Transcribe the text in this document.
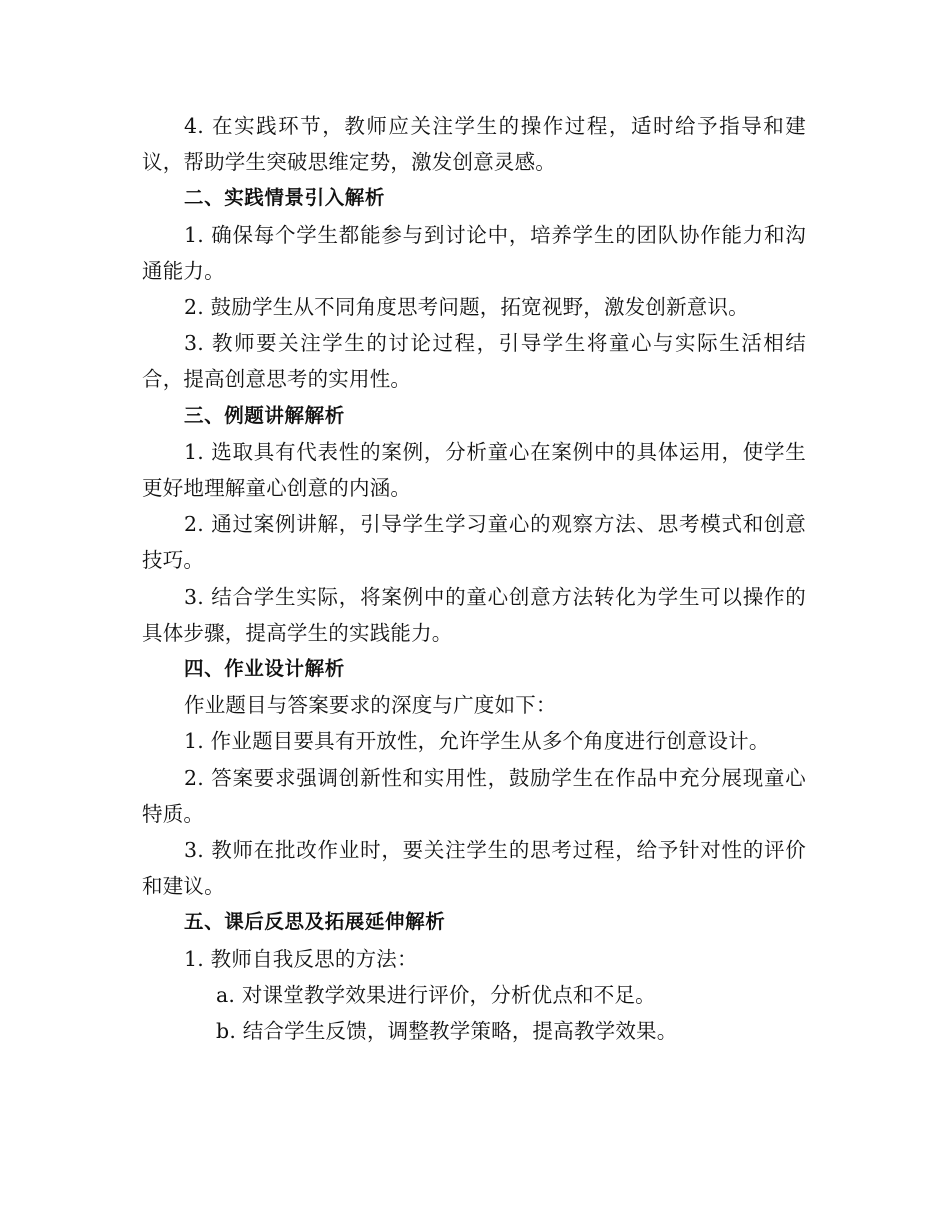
4. 在实践环节，教师应关注学生的操作过程，适时给予指导和建议，帮助学生突破思维定势，激发创意灵感。

二、实践情景引入解析

1. 确保每个学生都能参与到讨论中，培养学生的团队协作能力和沟通能力。

2. 鼓励学生从不同角度思考问题，拓宽视野，激发创新意识。

3. 教师要关注学生的讨论过程，引导学生将童心与实际生活相结合，提高创意思考的实用性。

三、例题讲解解析

1. 选取具有代表性的案例，分析童心在案例中的具体运用，使学生更好地理解童心创意的内涵。

2. 通过案例讲解，引导学生学习童心的观察方法、思考模式和创意技巧。

3. 结合学生实际，将案例中的童心创意方法转化为学生可以操作的具体步骤，提高学生的实践能力。

四、作业设计解析

作业题目与答案要求的深度与广度如下：

1. 作业题目要具有开放性，允许学生从多个角度进行创意设计。

2. 答案要求强调创新性和实用性，鼓励学生在作品中充分展现童心特质。

3. 教师在批改作业时，要关注学生的思考过程，给予针对性的评价和建议。

五、课后反思及拓展延伸解析

1. 教师自我反思的方法：

a. 对课堂教学效果进行评价，分析优点和不足。

b. 结合学生反馈，调整教学策略，提高教学效果。
